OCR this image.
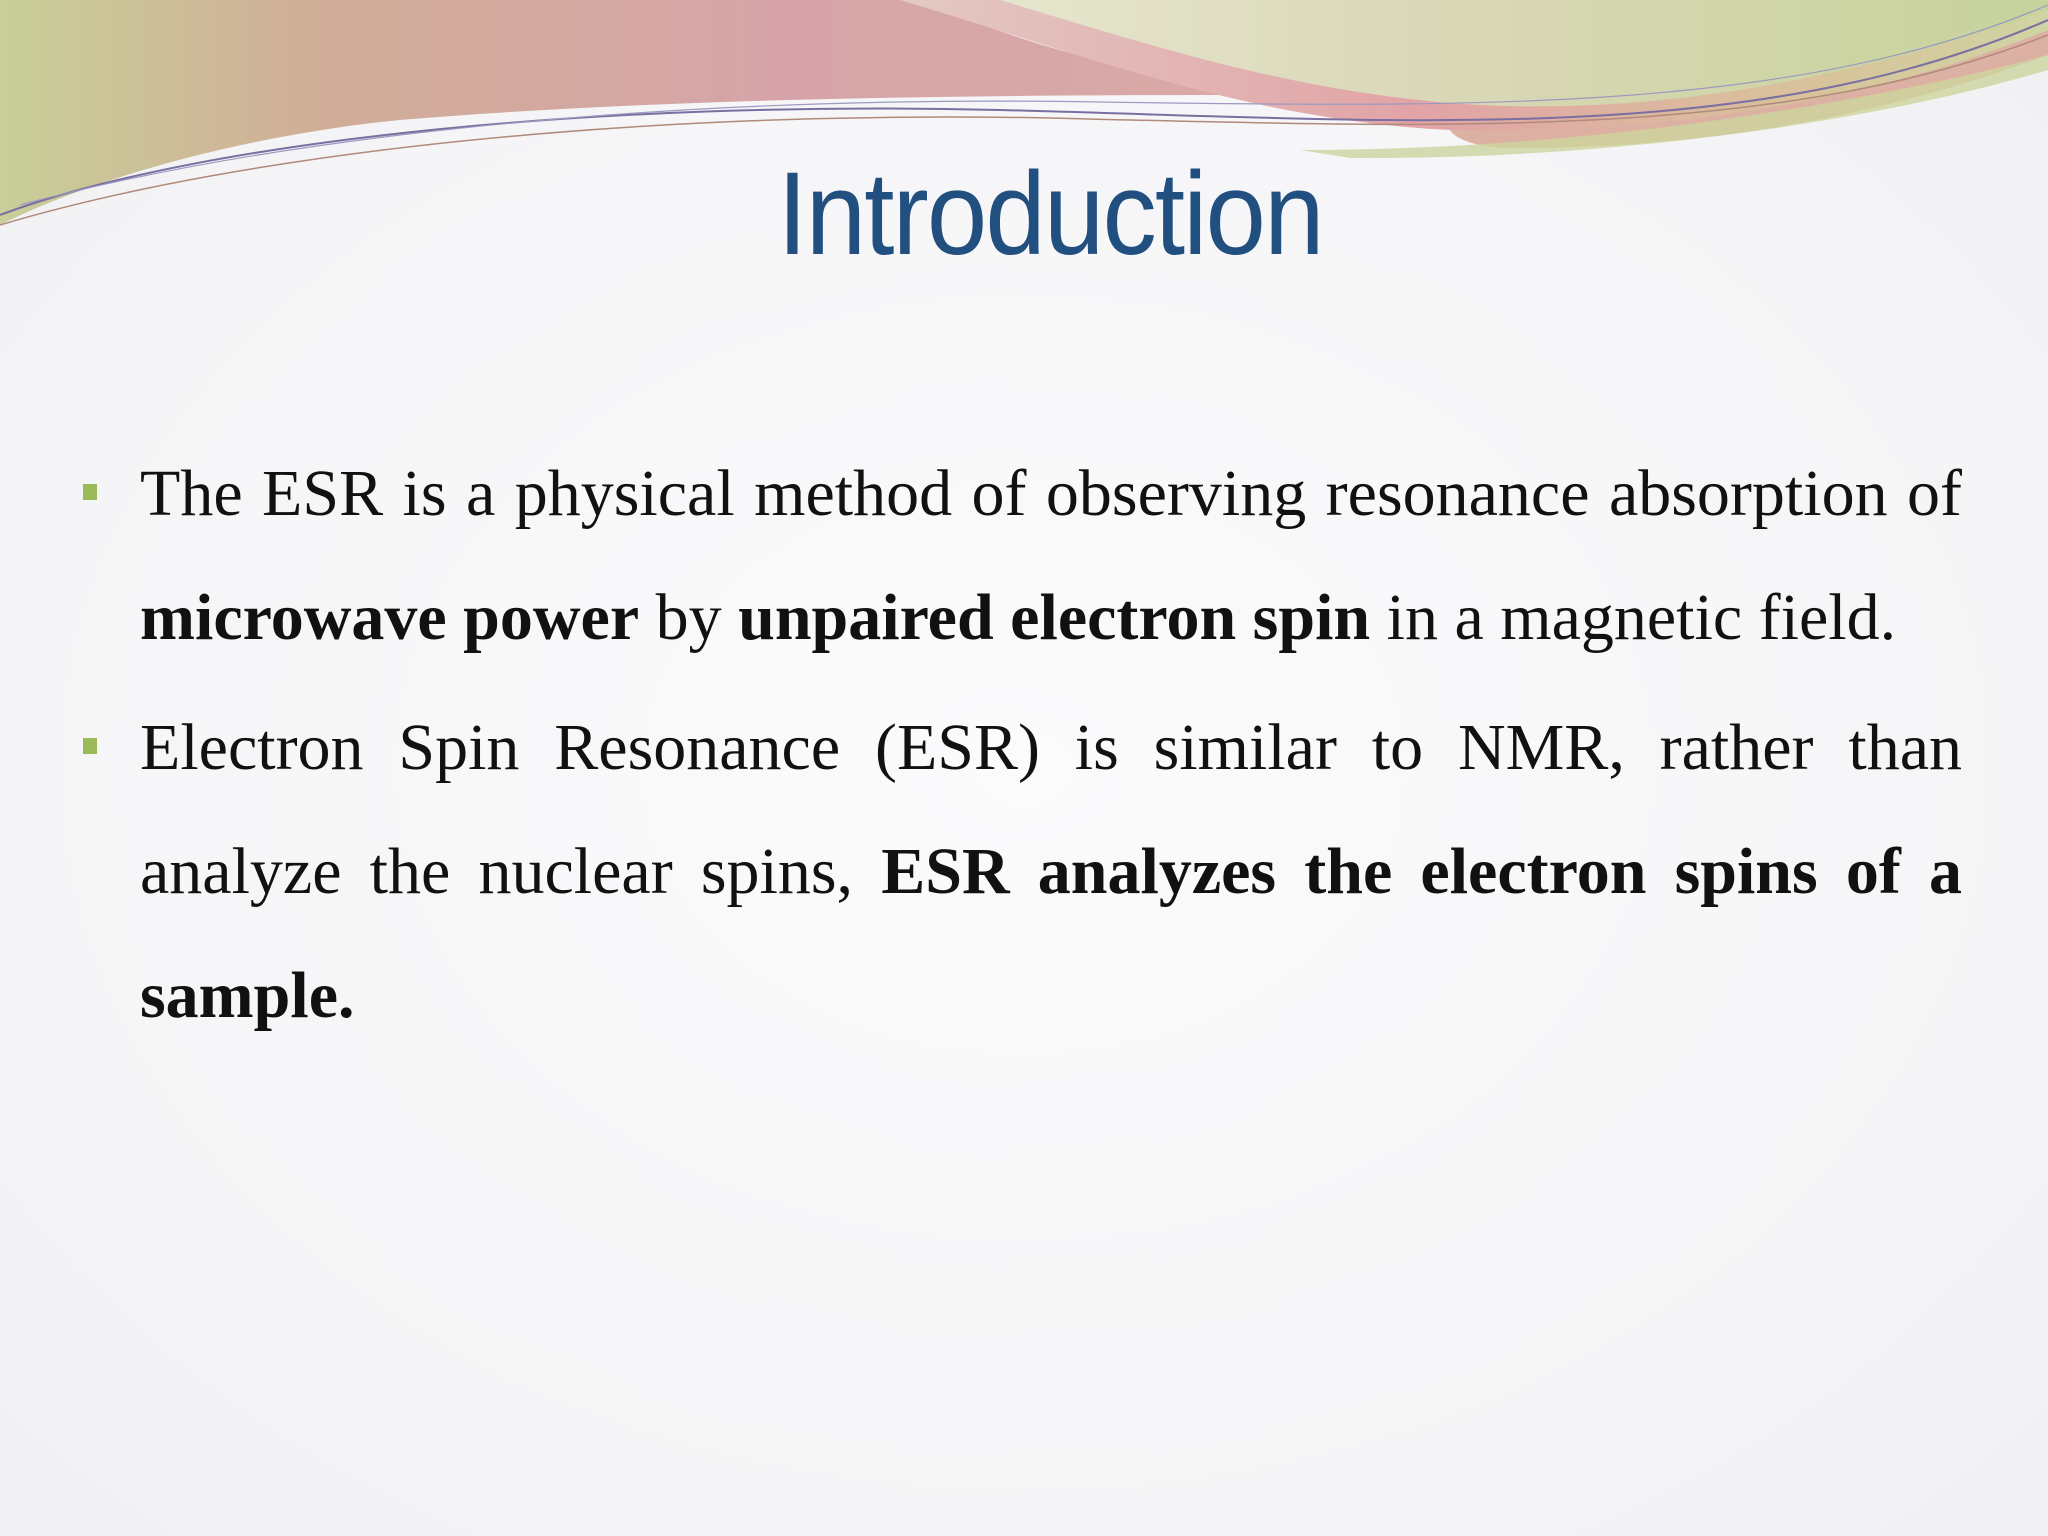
Introduction
The ESR is a physical method of observing resonance absorption of microwave power by unpaired electron spin in a magnetic field.
Electron Spin Resonance (ESR) is similar to NMR, rather than analyze the nuclear spins, ESR analyzes the electron spins of a sample.
